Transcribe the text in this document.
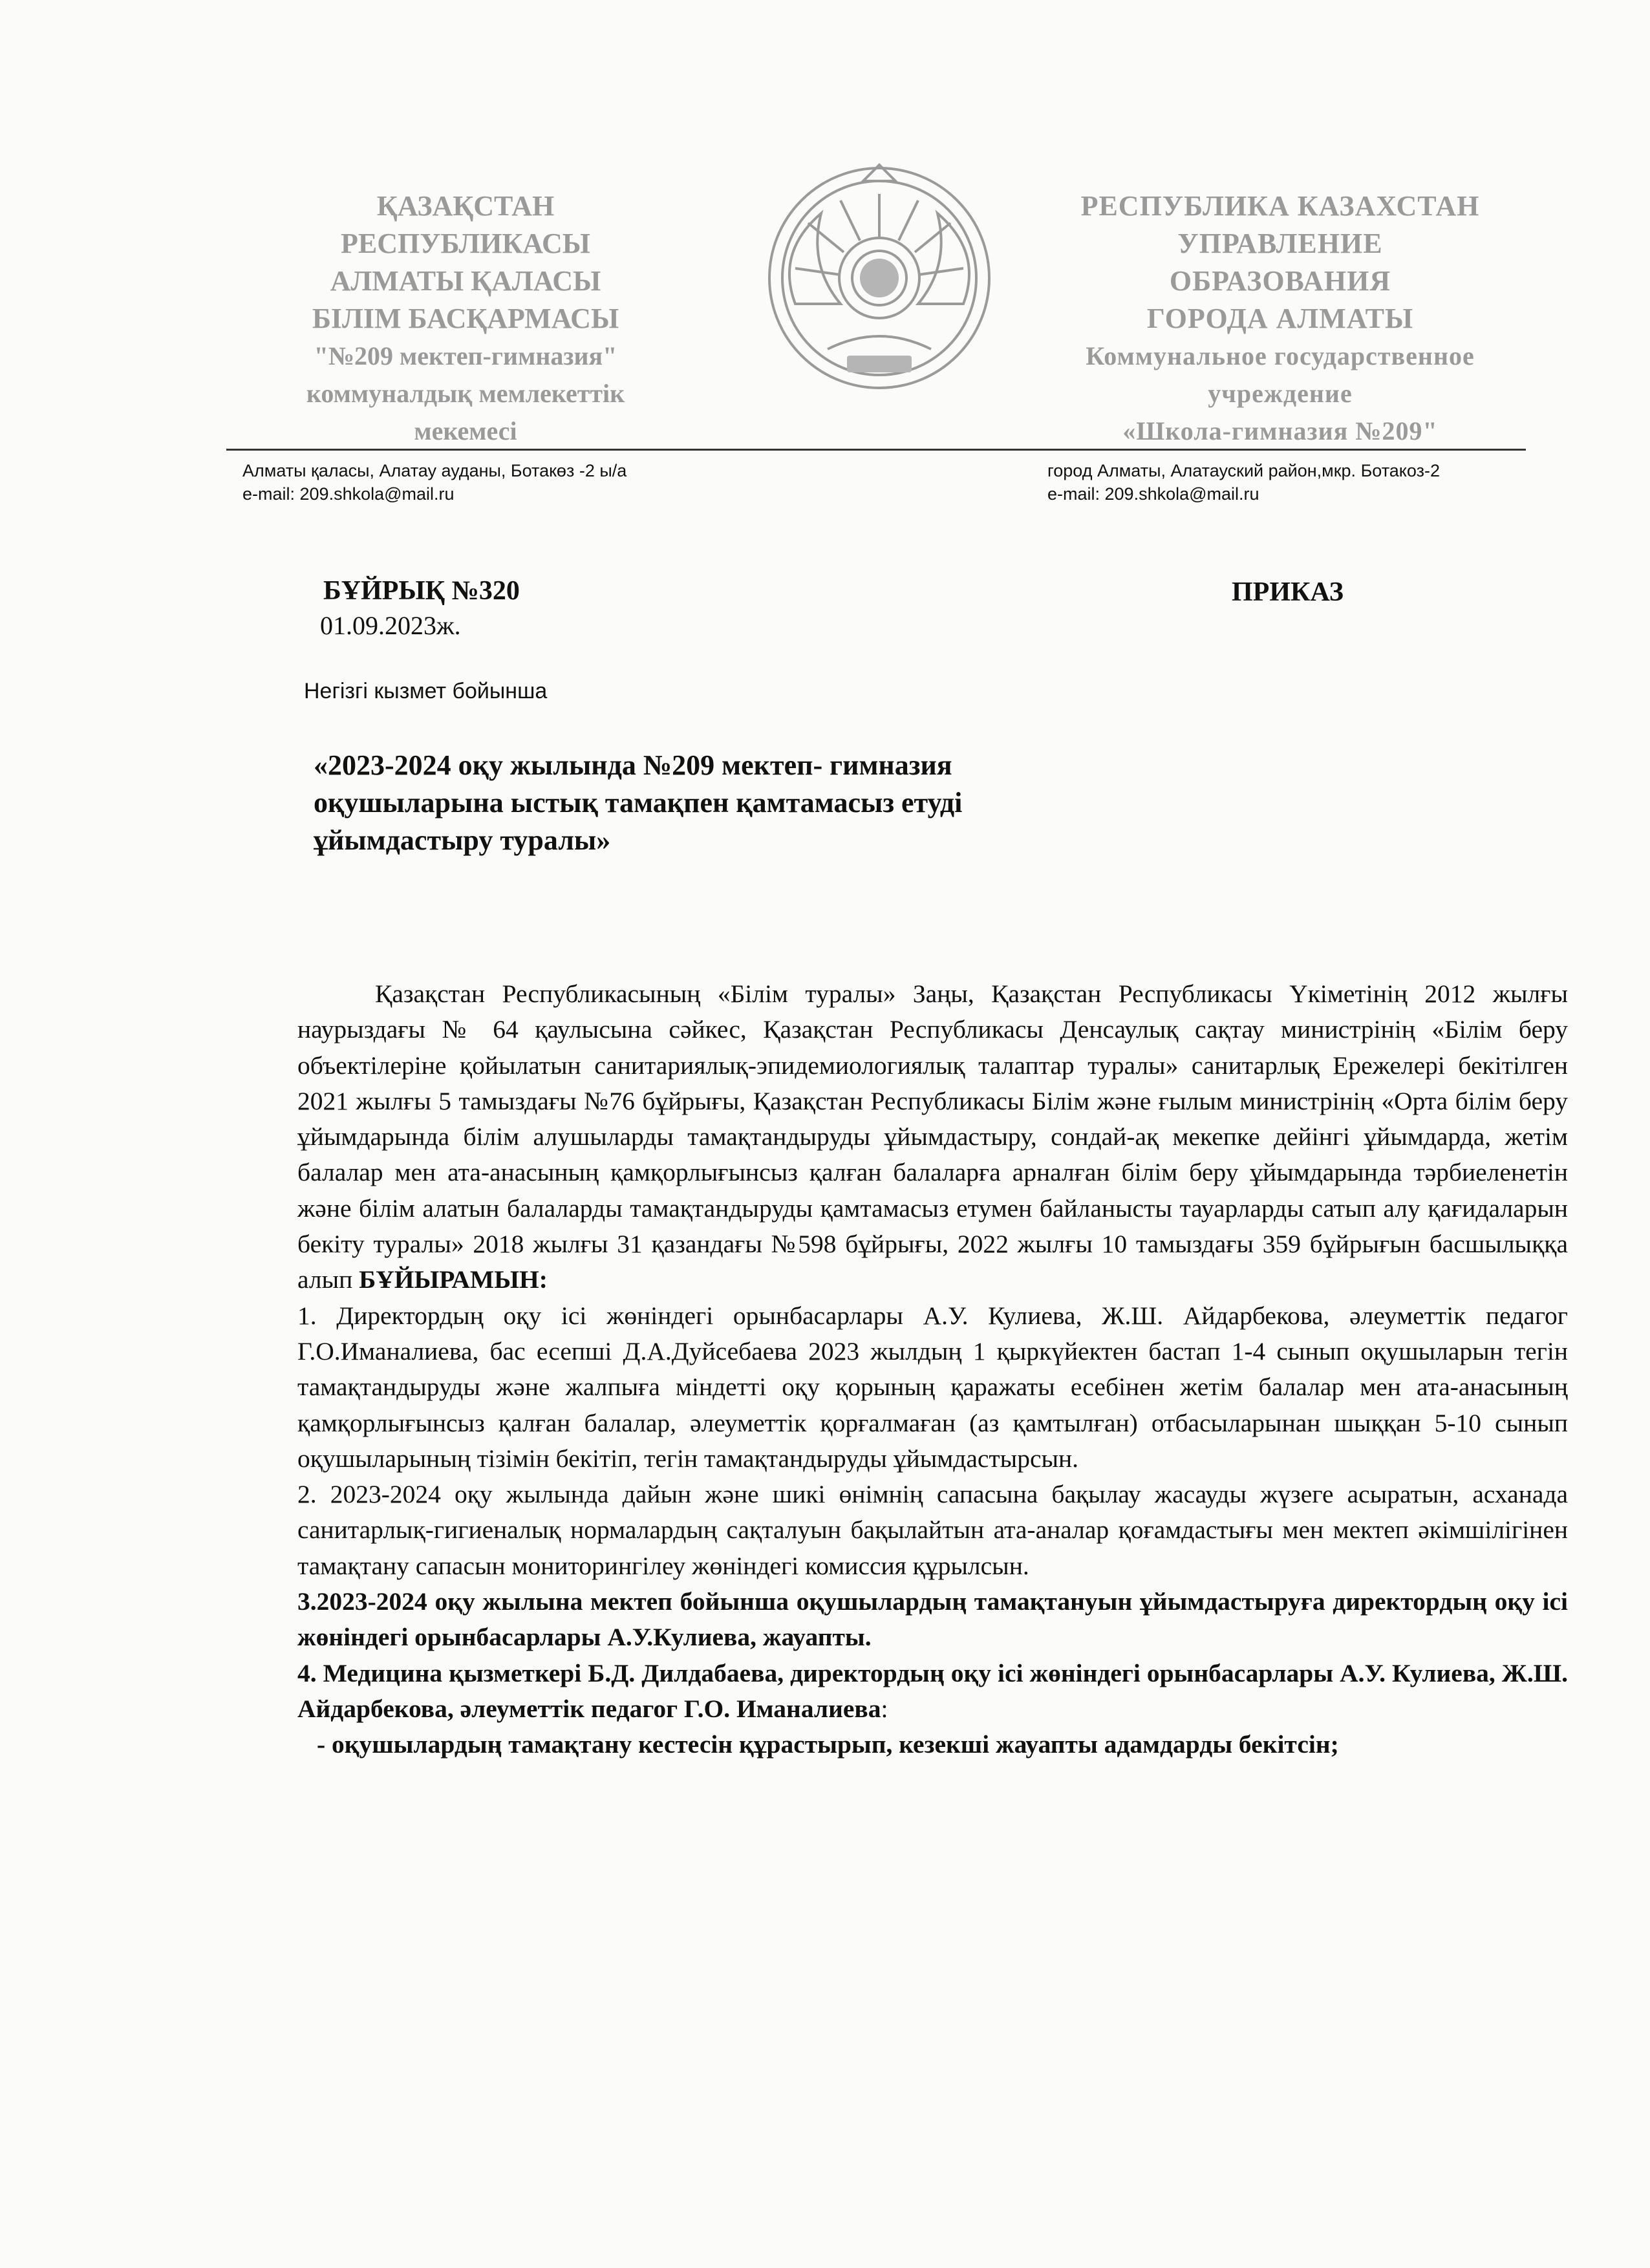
ҚАЗАҚСТАН
РЕСПУБЛИКАСЫ
АЛМАТЫ ҚАЛАСЫ
БІЛІМ БАСҚАРМАСЫ
"№209 мектеп-гимназия"
коммуналдық мемлекеттік
мекемесі
РЕСПУБЛИКА КАЗАХСТАН
УПРАВЛЕНИЕ
ОБРАЗОВАНИЯ
ГОРОДА АЛМАТЫ
Коммунальное государственное
учреждение
«Школа-гимназия №209"
Алматы қаласы, Алатау ауданы, Ботакөз -2 ы/а
e-mail: 209.shkola@mail.ru
город Алматы, Алатауский район,мкр. Ботакоз-2
e-mail: 209.shkola@mail.ru
БҰЙРЫҚ №320
01.09.2023ж.
ПРИКАЗ
Негізгі кызмет бойынша
«2023-2024 оқу жылында №209 мектеп- гимназия
оқушыларына ыстық тамақпен қамтамасыз етуді
ұйымдастыру туралы»

Қазақстан Республикасының «Білім туралы» Заңы, Қазақстан Республикасы Үкіметінің 2012 жылғы наурыздағы № 64 қаулысына сәйкес, Қазақстан Республикасы Денсаулық сақтау министрінің «Білім беру объектілеріне қойылатын санитариялық-эпидемиологиялық талаптар туралы» санитарлық Ережелері бекітілген 2021 жылғы 5 тамыздағы №76 бұйрығы, Қазақстан Республикасы Білім және ғылым министрінің «Орта білім беру ұйымдарында білім алушыларды тамақтандыруды ұйымдастыру, сондай-ақ мекепке дейінгі ұйымдарда, жетім балалар мен ата-анасының қамқорлығынсыз қалған балаларға арналған білім беру ұйымдарында тәрбиеленетін және білім алатын балаларды тамақтандыруды қамтамасыз етумен байланысты тауарларды сатып алу қағидаларын бекіту туралы» 2018 жылғы 31 қазандағы №598 бұйрығы, 2022 жылғы 10 тамыздағы 359 бұйрығын басшылыққа алып БҰЙЫРАМЫН:

1. Директордың оқу ісі жөніндегі орынбасарлары А.У. Кулиева, Ж.Ш. Айдарбекова, әлеуметтік педагог Г.О.Иманалиева, бас есепші Д.А.Дуйсебаева 2023 жылдың 1 қыркүйектен бастап 1-4 сынып оқушыларын тегін тамақтандыруды және жалпыға міндетті оқу қорының қаражаты есебінен жетім балалар мен ата-анасының қамқорлығынсыз қалған балалар, әлеуметтік қорғалмаған (аз қамтылған) отбасыларынан шыққан 5-10 сынып оқушыларының тізімін бекітіп, тегін тамақтандыруды ұйымдастырсын.

2. 2023-2024 оқу жылында дайын және шикі өнімнің сапасына бақылау жасауды жүзеге асыратын, асханада санитарлық-гигиеналық нормалардың сақталуын бақылайтын ата-аналар қоғамдастығы мен мектеп әкімшілігінен тамақтану сапасын мониторингілеу жөніндегі комиссия құрылсын.

3.2023-2024 оқу жылына мектеп бойынша оқушылардың тамақтануын ұйымдастыруға директордың оқу ісі жөніндегі орынбасарлары А.У.Кулиева, жауапты.

4. Медицина қызметкері Б.Д. Дилдабаева, директордың оқу ісі жөніндегі орынбасарлары А.У. Кулиева, Ж.Ш. Айдарбекова, әлеуметтік педагог Г.О. Иманалиева:

- оқушылардың тамақтану кестесін құрастырып, кезекші жауапты адамдарды бекітсін;
